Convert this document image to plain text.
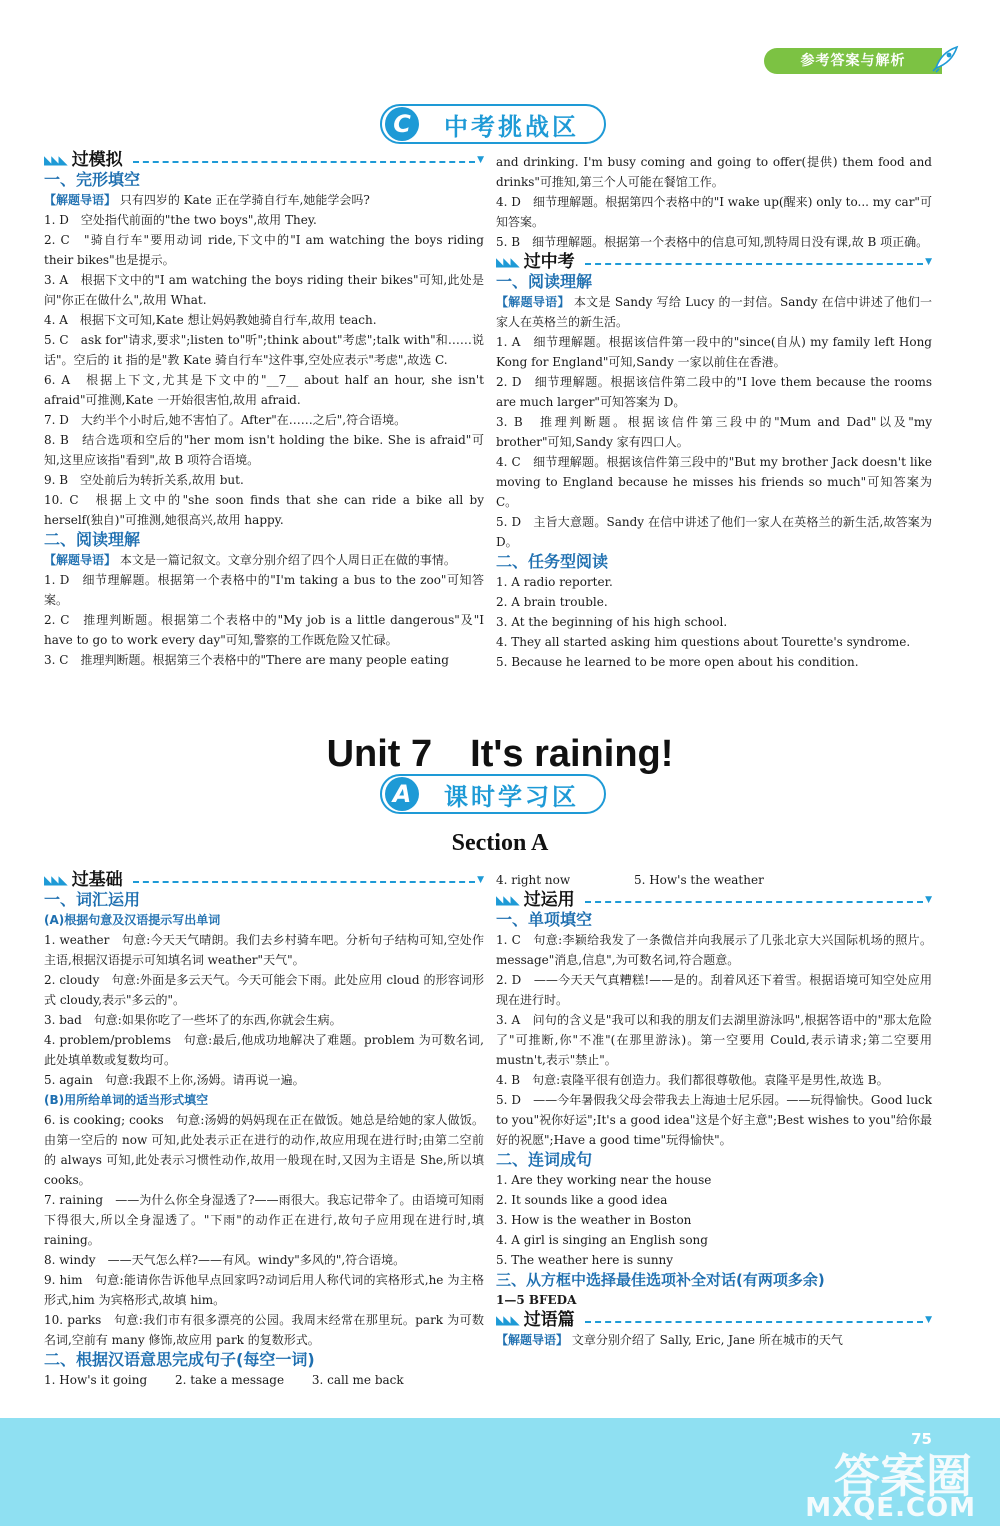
参考答案与解析
C	中考挑战区
◣◣◣ 过模拟	▼
一、完形填空

【解题导语】 只有四岁的 Kate 正在学骑自行车,她能学会吗?

1. D　空处指代前面的"the two boys",故用 They.

2. C　"骑自行车"要用动词 ride,下文中的"I am watching the boys riding their bikes"也是提示。

3. A　根据下文中的"I am watching the boys riding their bikes"可知,此处是问"你正在做什么",故用 What.

4. A　根据下文可知,Kate 想让妈妈教她骑自行车,故用 teach.

5. C　ask for"请求,要求";listen to"听";think about"考虑";talk with"和……说话"。空后的 it 指的是"教 Kate 骑自行车"这件事,空处应表示"考虑",故选 C.

6. A　根据上下文,尤其是下文中的"__7__ about half an hour, she isn't afraid"可推测,Kate 一开始很害怕,故用 afraid.

7. D　大约半个小时后,她不害怕了。After"在……之后",符合语境。

8. B　结合选项和空后的"her mom isn't holding the bike. She is afraid"可知,这里应该指"看到",故 B 项符合语境。

9. B　空处前后为转折关系,故用 but.

10. C　根据上文中的"she soon finds that she can ride a bike all by herself(独自)"可推测,她很高兴,故用 happy.

二、阅读理解

【解题导语】 本文是一篇记叙文。文章分别介绍了四个人周日正在做的事情。

1. D　细节理解题。根据第一个表格中的"I'm taking a bus to the zoo"可知答案。

2. C　推理判断题。根据第二个表格中的"My job is a little dangerous"及"I have to go to work every day"可知,警察的工作既危险又忙碌。

3. C　推理判断题。根据第三个表格中的"There are many people eating

and drinking. I'm busy coming and going to offer(提供) them food and drinks"可推知,第三个人可能在餐馆工作。

4. D　细节理解题。根据第四个表格中的"I wake up(醒来) only to... my car"可知答案。

5. B　细节理解题。根据第一个表格中的信息可知,凯特周日没有课,故 B 项正确。

◣◣◣ 过中考	▼
一、阅读理解

【解题导语】 本文是 Sandy 写给 Lucy 的一封信。Sandy 在信中讲述了他们一家人在英格兰的新生活。

1. A　细节理解题。根据该信件第一段中的"since(自从) my family left Hong Kong for England"可知,Sandy 一家以前住在香港。

2. D　细节理解题。根据该信件第二段中的"I love them because the rooms are much larger"可知答案为 D。

3. B　推理判断题。根据该信件第三段中的"Mum and Dad"以及"my brother"可知,Sandy 家有四口人。

4. C　细节理解题。根据该信件第三段中的"But my brother Jack doesn't like moving to England because he misses his friends so much"可知答案为 C。

5. D　主旨大意题。Sandy 在信中讲述了他们一家人在英格兰的新生活,故答案为 D。

二、任务型阅读

1. A radio reporter.

2. A brain trouble.

3. At the beginning of his high school.

4. They all started asking him questions about Tourette's syndrome.

5. Because he learned to be more open about his condition.

Unit 7　It's raining!
A	课时学习区
Section A
◣◣◣ 过基础	▼
一、词汇运用
(A)根据句意及汉语提示写出单词

1. weather　句意:今天天气晴朗。我们去乡村骑车吧。分析句子结构可知,空处作主语,根据汉语提示可知填名词 weather"天气"。

2. cloudy　句意:外面是多云天气。今天可能会下雨。此处应用 cloud 的形容词形式 cloudy,表示"多云的"。

3. bad　句意:如果你吃了一些坏了的东西,你就会生病。

4. problem/problems　句意:最后,他成功地解决了难题。problem 为可数名词,此处填单数或复数均可。

5. again　句意:我跟不上你,汤姆。请再说一遍。

(B)用所给单词的适当形式填空

6. is cooking; cooks　句意:汤姆的妈妈现在正在做饭。她总是给她的家人做饭。由第一空后的 now 可知,此处表示正在进行的动作,故应用现在进行时;由第二空前的 always 可知,此处表示习惯性动作,故用一般现在时,又因为主语是 She,所以填 cooks。

7. raining　——为什么你全身湿透了?——雨很大。我忘记带伞了。由语境可知雨下得很大,所以全身湿透了。"下雨"的动作正在进行,故句子应用现在进行时,填 raining。

8. windy　——天气怎么样?——有风。windy"多风的",符合语境。

9. him　句意:能请你告诉他早点回家吗?动词后用人称代词的宾格形式,he 为主格形式,him 为宾格形式,故填 him。

10. parks　句意:我们市有很多漂亮的公园。我周末经常在那里玩。park 为可数名词,空前有 many 修饰,故应用 park 的复数形式。

二、根据汉语意思完成句子(每空一词)

1. How's it going   2. take a message   3. call me back

4. right now     	5. How's the weather

◣◣◣ 过运用	▼
一、单项填空

1. C　句意:李颖给我发了一条微信并向我展示了几张北京大兴国际机场的照片。message"消息,信息",为可数名词,符合题意。

2. D　——今天天气真糟糕!——是的。刮着风还下着雪。根据语境可知空处应用现在进行时。

3. A　问句的含义是"我可以和我的朋友们去湖里游泳吗",根据答语中的"那太危险了"可推断,你"不准"(在那里游泳)。第一空要用 Could,表示请求;第二空要用 mustn't,表示"禁止"。

4. B　句意:袁隆平很有创造力。我们都很尊敬他。袁隆平是男性,故选 B。

5. D　——今年暑假我父母会带我去上海迪士尼乐园。——玩得愉快。Good luck to you"祝你好运";It's a good idea"这是个好主意";Best wishes to you"给你最好的祝愿";Have a good time"玩得愉快"。

二、连词成句

1. Are they working near the house

2. It sounds like a good idea

3. How is the weather in Boston

4. A girl is singing an English song

5. The weather here is sunny

三、从方框中选择最佳选项补全对话(有两项多余)

1—5 BFEDA

◣◣◣ 过语篇	▼

【解题导语】 文章分别介绍了 Sally, Eric, Jane 所在城市的天气

75
答案圈
MXQE.COM
